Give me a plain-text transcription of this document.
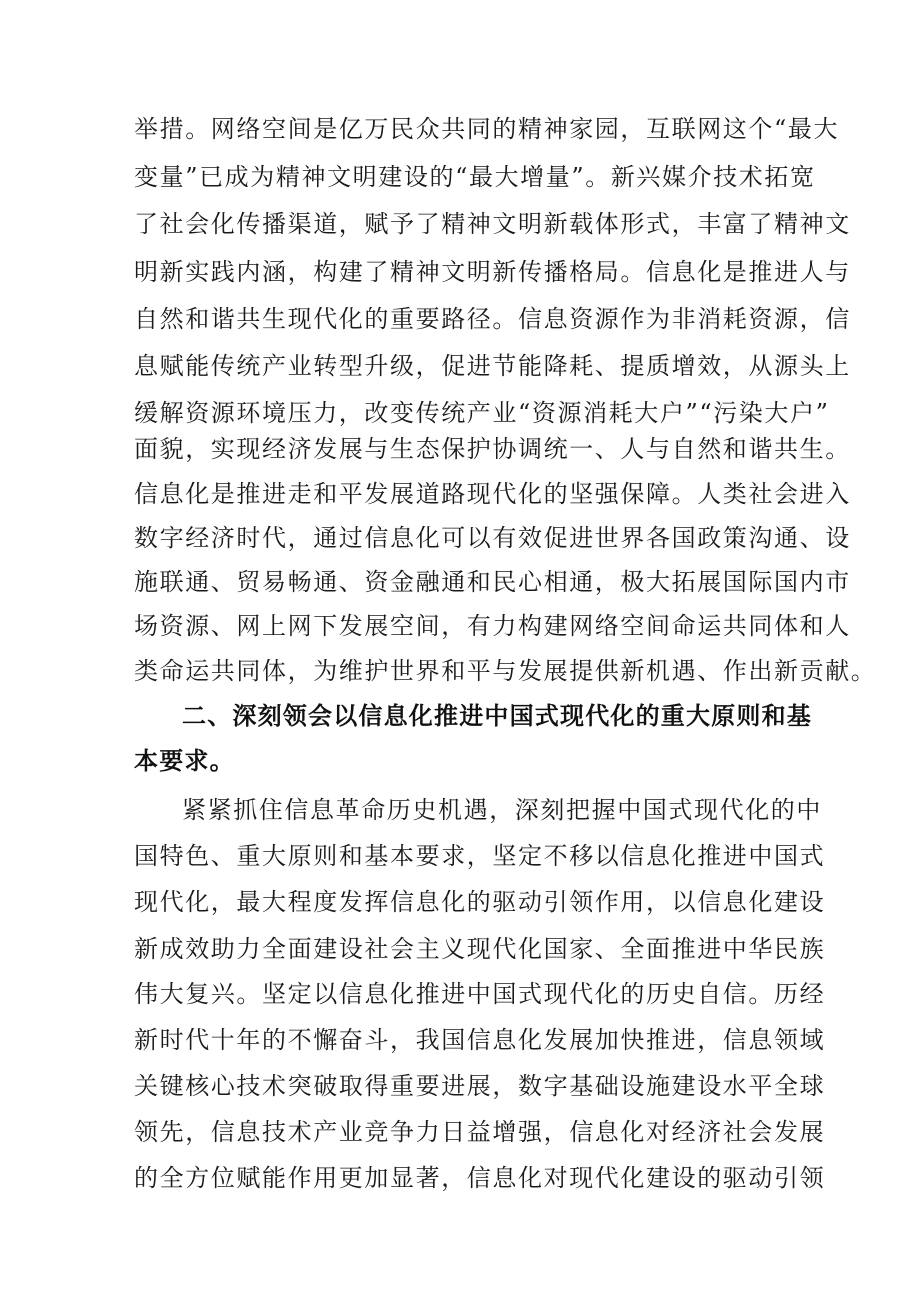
举措。网络空间是亿万民众共同的精神家园，互联网这个“最大
变量”已成为精神文明建设的“最大增量”。新兴媒介技术拓宽
了社会化传播渠道，赋予了精神文明新载体形式，丰富了精神文
明新实践内涵，构建了精神文明新传播格局。信息化是推进人与
自然和谐共生现代化的重要路径。信息资源作为非消耗资源，信
息赋能传统产业转型升级，促进节能降耗、提质增效，从源头上
缓解资源环境压力，改变传统产业“资源消耗大户”“污染大户”
面貌，实现经济发展与生态保护协调统一、人与自然和谐共生。
信息化是推进走和平发展道路现代化的坚强保障。人类社会进入
数字经济时代，通过信息化可以有效促进世界各国政策沟通、设
施联通、贸易畅通、资金融通和民心相通，极大拓展国际国内市
场资源、网上网下发展空间，有力构建网络空间命运共同体和人
类命运共同体，为维护世界和平与发展提供新机遇、作出新贡献。
二、深刻领会以信息化推进中国式现代化的重大原则和基
本要求。
紧紧抓住信息革命历史机遇，深刻把握中国式现代化的中
国特色、重大原则和基本要求，坚定不移以信息化推进中国式
现代化，最大程度发挥信息化的驱动引领作用，以信息化建设
新成效助力全面建设社会主义现代化国家、全面推进中华民族
伟大复兴。坚定以信息化推进中国式现代化的历史自信。历经
新时代十年的不懈奋斗，我国信息化发展加快推进，信息领域
关键核心技术突破取得重要进展，数字基础设施建设水平全球
领先，信息技术产业竞争力日益增强，信息化对经济社会发展
的全方位赋能作用更加显著，信息化对现代化建设的驱动引领
